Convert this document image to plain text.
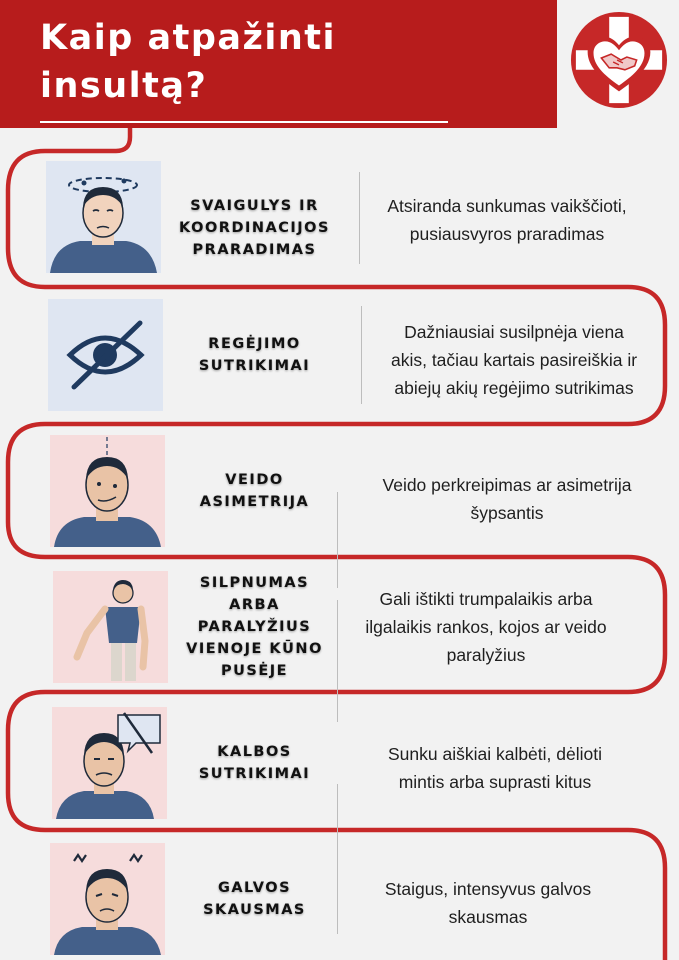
Kaip atpažinti
insultą?
SVAIGULYS IR
KOORDINACIJOS
PRARADIMAS
Atsiranda sunkumas vaikščioti,
pusiausvyros praradimas
REGĖJIMO
SUTRIKIMAI
Dažniausiai susilpnėja viena
akis, tačiau kartais pasireiškia ir
abiejų akių regėjimo sutrikimas
VEIDO
ASIMETRIJA
Veido perkreipimas ar asimetrija
šypsantis
SILPNUMAS
ARBA
PARALYŽIUS
VIENOJE KŪNO
PUSĖJE
Gali ištikti trumpalaikis arba
ilgalaikis rankos, kojos ar veido
paralyžius
KALBOS
SUTRIKIMAI
Sunku aiškiai kalbėti, dėlioti
mintis arba suprasti kitus
GALVOS
SKAUSMAS
Staigus, intensyvus galvos
skausmas
